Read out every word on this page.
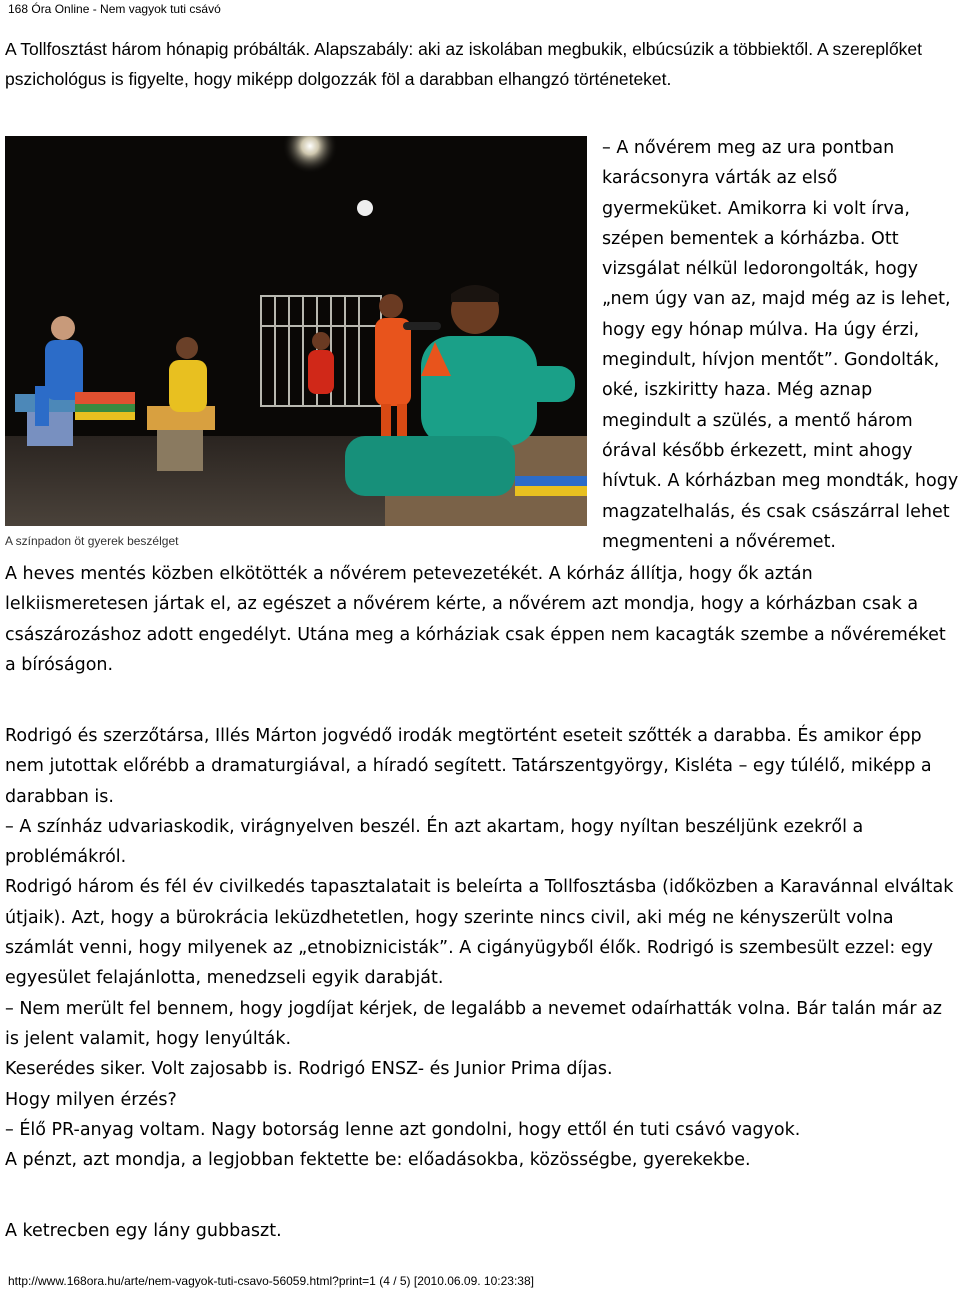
168 Óra Online - Nem vagyok tuti csávó

A Tollfosztást három hónapig próbálták. Alapszabály: aki az iskolában megbukik, elbúcsúzik a többiektől. A szereplőket pszichológus is figyelte, hogy miképp dolgozzák föl a darabban elhangzó történeteket.

A színpadon öt gyerek beszélget

– A nővérem meg az ura pontban karácsonyra várták az első gyermeküket. Amikorra ki volt írva, szépen bementek a kórházba. Ott vizsgálat nélkül ledorongolták, hogy „nem úgy van az, majd még az is lehet, hogy egy hónap múlva. Ha úgy érzi, megindult, hívjon mentőt”. Gondolták, oké, iszkiritty haza. Még aznap megindult a szülés, a mentő három órával később érkezett, mint ahogy hívtuk. A kórházban meg mondták, hogy magzatelhalás, és csak császárral lehet megmenteni a nővéremet.

A heves mentés közben elkötötték a nővérem petevezetékét. A kórház állítja, hogy ők aztán lelkiismeretesen jártak el, az egészet a nővérem kérte, a nővérem azt mondja, hogy a kórházban csak a császározáshoz adott engedélyt. Utána meg a kórháziak csak éppen nem kacagták szembe a nővéreméket a bíróságon.

Rodrigó és szerzőtársa, Illés Márton jogvédő irodák megtörtént eseteit szőtték a darabba. És amikor épp nem jutottak előrébb a dramaturgiával, a híradó segített. Tatárszentgyörgy, Kisléta – egy túlélő, miképp a darabban is.
– A színház udvariaskodik, virágnyelven beszél. Én azt akartam, hogy nyíltan beszéljünk ezekről a problémákról.
Rodrigó három és fél év civilkedés tapasztalatait is beleírta a Tollfosztásba (időközben a Karavánnal elváltak útjaik). Azt, hogy a bürokrácia leküzdhetetlen, hogy szerinte nincs civil, aki még ne kényszerült volna számlát venni, hogy milyenek az „etnobiznicisták”. A cigányügyből élők. Rodrigó is szembesült ezzel: egy egyesület felajánlotta, menedzseli egyik darabját.
– Nem merült fel bennem, hogy jogdíjat kérjek, de legalább a nevemet odaírhatták volna. Bár talán már az is jelent valamit, hogy lenyúlták.
Keserédes siker. Volt zajosabb is. Rodrigó ENSZ- és Junior Prima díjas.
Hogy milyen érzés?
– Élő PR-anyag voltam. Nagy botorság lenne azt gondolni, hogy ettől én tuti csávó vagyok.
A pénzt, azt mondja, a legjobban fektette be: előadásokba, közösségbe, gyerekekbe.

A ketrecben egy lány gubbaszt.

http://www.168ora.hu/arte/nem-vagyok-tuti-csavo-56059.html?print=1 (4 / 5) [2010.06.09. 10:23:38]
